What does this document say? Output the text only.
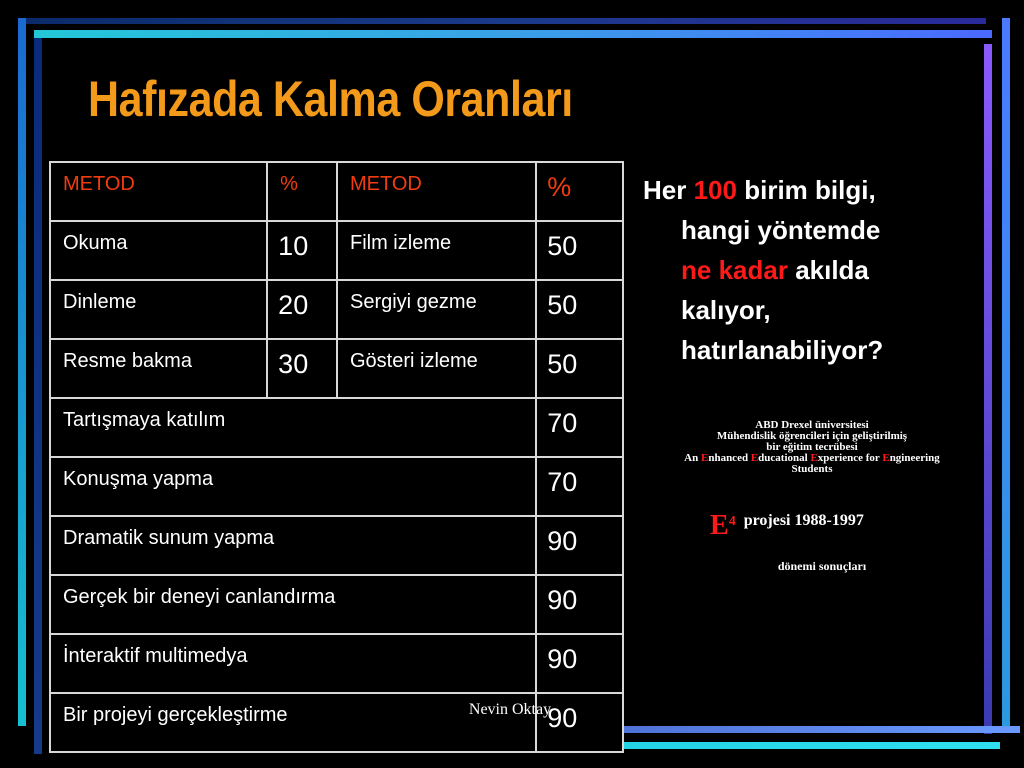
Hafızada Kalma Oranları
METOD	%	METOD	%
Okuma	10	Film izleme	50
Dinleme	20	Sergiyi gezme	50
Resme bakma	30	Gösteri izleme	50
Tartışmaya katılım			70
Konuşma yapma			70
Dramatik sunum yapma			90
Gerçek bir deneyi canlandırma			90
İnteraktif multimedya			90
Bir projeyi gerçekleştirme			90
Her 100 birim bilgi,
hangi yöntemde
ne kadar akılda
kalıyor,
hatırlanabiliyor?
ABD Drexel üniversitesi
Mühendislik öğrencileri için geliştirilmiş
bir eğitim tecrübesi
An Enhanced Educational Experience for Engineering
Students
E4 projesi 1988-1997
dönemi sonuçları
Nevin Oktay
